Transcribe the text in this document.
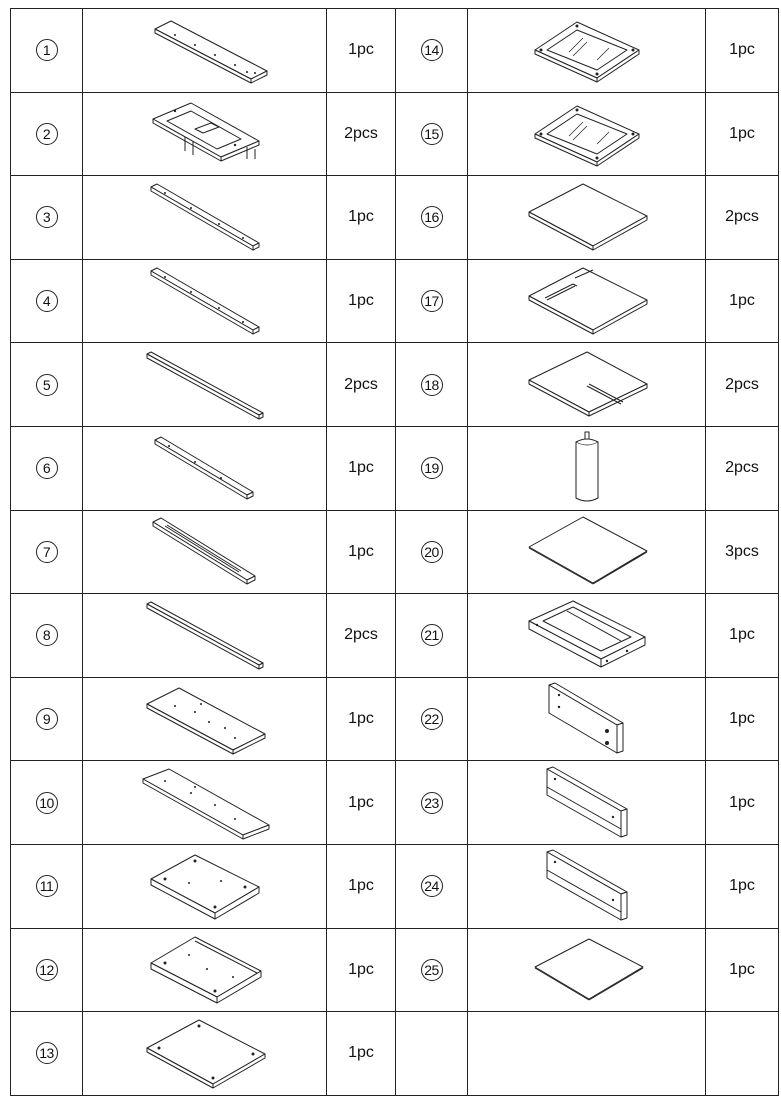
1		1pc	14		1pc
2		2pcs	15		1pc
3		1pc	16		2pcs
4		1pc	17		1pc
5		2pcs	18		2pcs
6		1pc	19		2pcs
7		1pc	20		3pcs
8		2pcs	21		1pc
9		1pc	22		1pc
10		1pc	23		1pc
11		1pc	24		1pc
12		1pc	25		1pc
13		1pc			
